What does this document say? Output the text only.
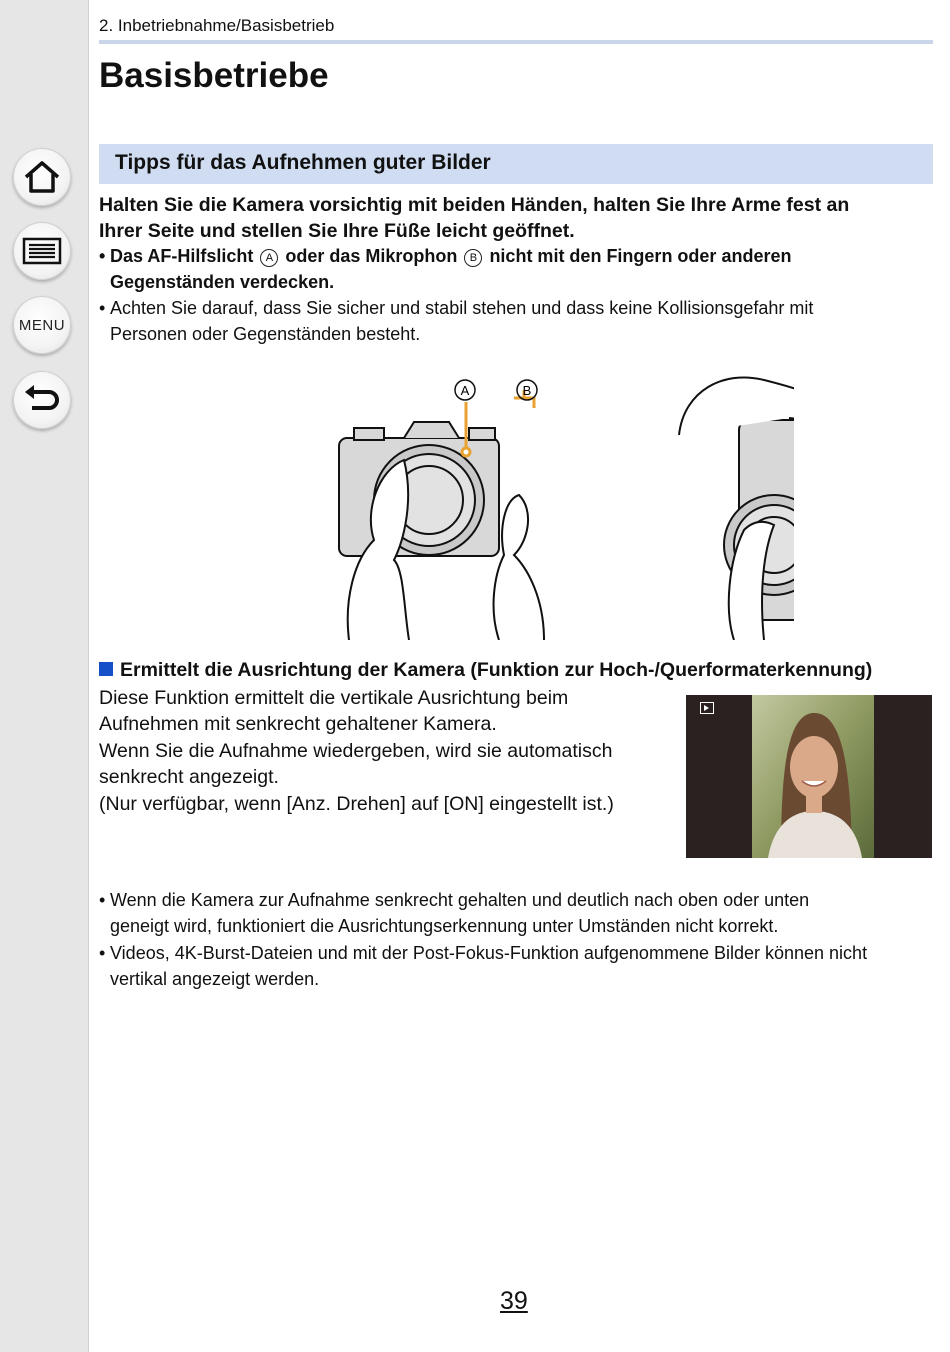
MENU
2. Inbetriebnahme/Basisbetrieb
Basisbetriebe
Tipps für das Aufnehmen guter Bilder
Halten Sie die Kamera vorsichtig mit beiden Händen, halten Sie Ihre Arme fest an
Ihrer Seite und stellen Sie Ihre Füße leicht geöffnet.
• Das AF-Hilfslicht A oder das Mikrophon B nicht mit den Fingern oder anderen
Gegenständen verdecken.
• Achten Sie darauf, dass Sie sicher und stabil stehen und dass keine Kollisionsgefahr mit
Personen oder Gegenständen besteht.
A	B
Ermittelt die Ausrichtung der Kamera (Funktion zur Hoch-/Querformaterkennung)
Diese Funktion ermittelt die vertikale Ausrichtung beim
Aufnehmen mit senkrecht gehaltener Kamera.
Wenn Sie die Aufnahme wiedergeben, wird sie automatisch
senkrecht angezeigt.
(Nur verfügbar, wenn [Anz. Drehen] auf [ON] eingestellt ist.)
• Wenn die Kamera zur Aufnahme senkrecht gehalten und deutlich nach oben oder unten
geneigt wird, funktioniert die Ausrichtungserkennung unter Umständen nicht korrekt.
• Videos, 4K-Burst-Dateien und mit der Post-Fokus-Funktion aufgenommene Bilder können nicht
vertikal angezeigt werden.
39
